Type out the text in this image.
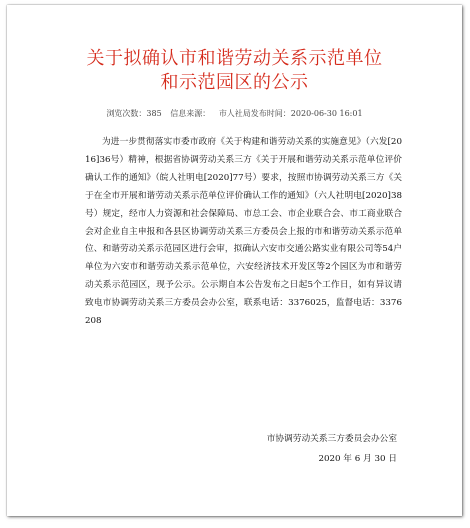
关于拟确认市和谐劳动关系示范单位
和示范园区的公示
浏览次数：385 信息来源： 市人社局发布时间：2020-06-30 16:01

为进一步贯彻落实市委市政府《关于构建和谐劳动关系的实施意见》（六发[2016]36号）精神，根据省协调劳动关系三方《关于开展和谐劳动关系示范单位评价确认工作的通知》（皖人社明电[2020]77号）要求，按照市协调劳动关系三方《关于在全市开展和谐劳动关系示范单位评价确认工作的通知》（六人社明电[2020]38号）规定，经市人力资源和社会保障局、市总工会、市企业联合会、市工商业联合会对企业自主申报和各县区协调劳动关系三方委员会上报的市和谐劳动关系示范单位、和谐劳动关系示范园区进行会审，拟确认六安市交通公路实业有限公司等54户单位为六安市和谐劳动关系示范单位，六安经济技术开发区等2个园区为市和谐劳动关系示范园区，现予公示。公示期自本公告发布之日起5个工作日，如有异议请致电市协调劳动关系三方委员会办公室，联系电话：3376025，监督电话：3376208

市协调劳动关系三方委员会办公室
2020 年 6 月 30 日
